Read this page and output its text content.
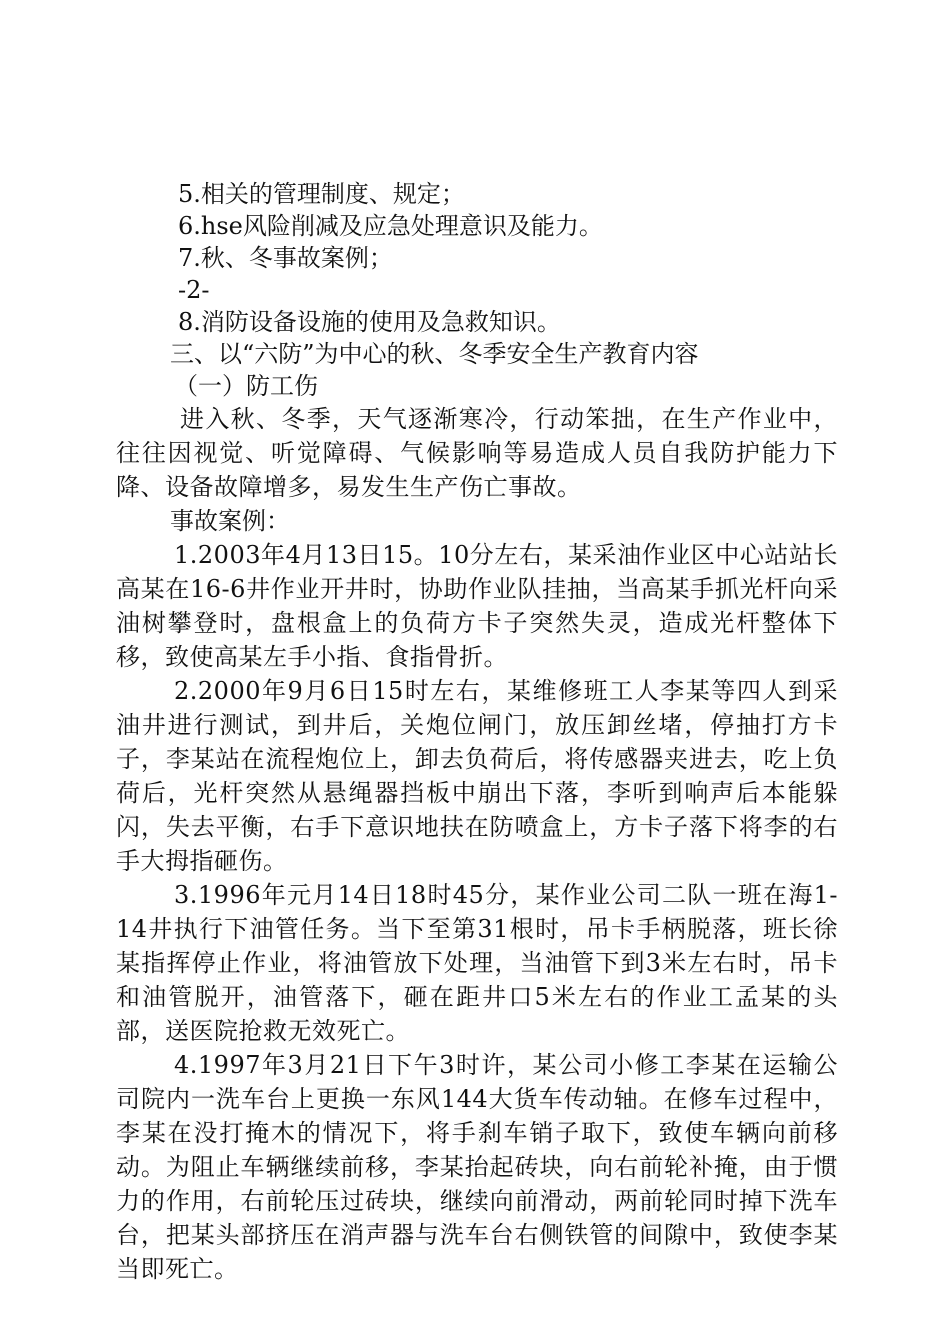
5.相关的管理制度、规定；
6.hse风险削减及应急处理意识及能力。
7.秋、冬事故案例；
-2-
8.消防设备设施的使用及急救知识。
三、以“六防”为中心的秋、冬季安全生产教育内容
（一）防工伤
进入秋、冬季，天气逐渐寒冷，行动笨拙，在生产作业中，往往因视觉、听觉障碍、气候影响等易造成人员自我防护能力下降、设备故障增多，易发生生产伤亡事故。
事故案例：
1.2003年4月13日15。10分左右，某采油作业区中心站站长高某在16-6井作业开井时，协助作业队挂抽，当高某手抓光杆向采油树攀登时，盘根盒上的负荷方卡子突然失灵，造成光杆整体下移，致使高某左手小指、食指骨折。
2.2000年9月6日15时左右，某维修班工人李某等四人到采油井进行测试，到井后，关炮位闸门，放压卸丝堵，停抽打方卡子，李某站在流程炮位上，卸去负荷后，将传感器夹进去，吃上负荷后，光杆突然从悬绳器挡板中崩出下落，李听到响声后本能躲闪，失去平衡，右手下意识地扶在防喷盒上，方卡子落下将李的右手大拇指砸伤。
3.1996年元月14日18时45分，某作业公司二队一班在海1-14井执行下油管任务。当下至第31根时，吊卡手柄脱落，班长徐某指挥停止作业，将油管放下处理，当油管下到3米左右时，吊卡和油管脱开，油管落下，砸在距井口5米左右的作业工孟某的头部，送医院抢救无效死亡。
4.1997年3月21日下午3时许，某公司小修工李某在运输公司院内一洗车台上更换一东风144大货车传动轴。在修车过程中，李某在没打掩木的情况下，将手刹车销子取下，致使车辆向前移动。为阻止车辆继续前移，李某抬起砖块，向右前轮补掩，由于惯力的作用，右前轮压过砖块，继续向前滑动，两前轮同时掉下洗车台，把某头部挤压在消声器与洗车台右侧铁管的间隙中，致使李某当即死亡。
